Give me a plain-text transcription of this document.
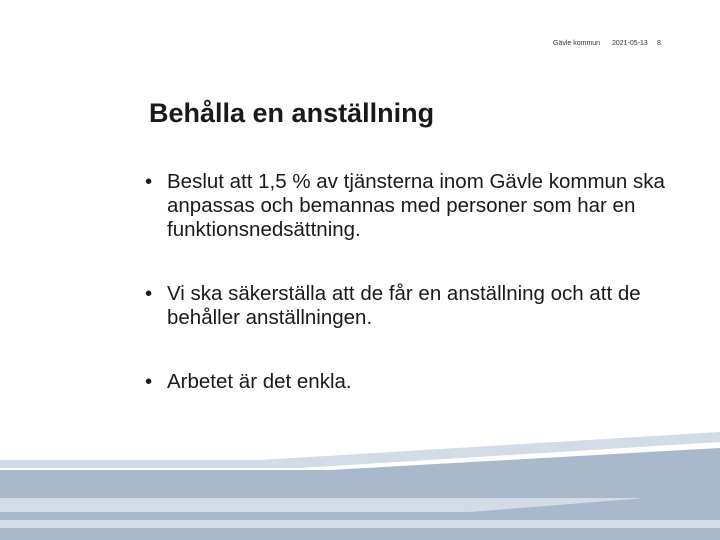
Gävle kommun 2021-05-13 8
Behålla en anställning
• Beslut att 1,5 % av tjänsterna inom Gävle kommun ska anpassas och bemannas med personer som har en funktionsnedsättning.
• Vi ska säkerställa att de får en anställning och att de behåller anställningen.
• Arbetet är det enkla.
